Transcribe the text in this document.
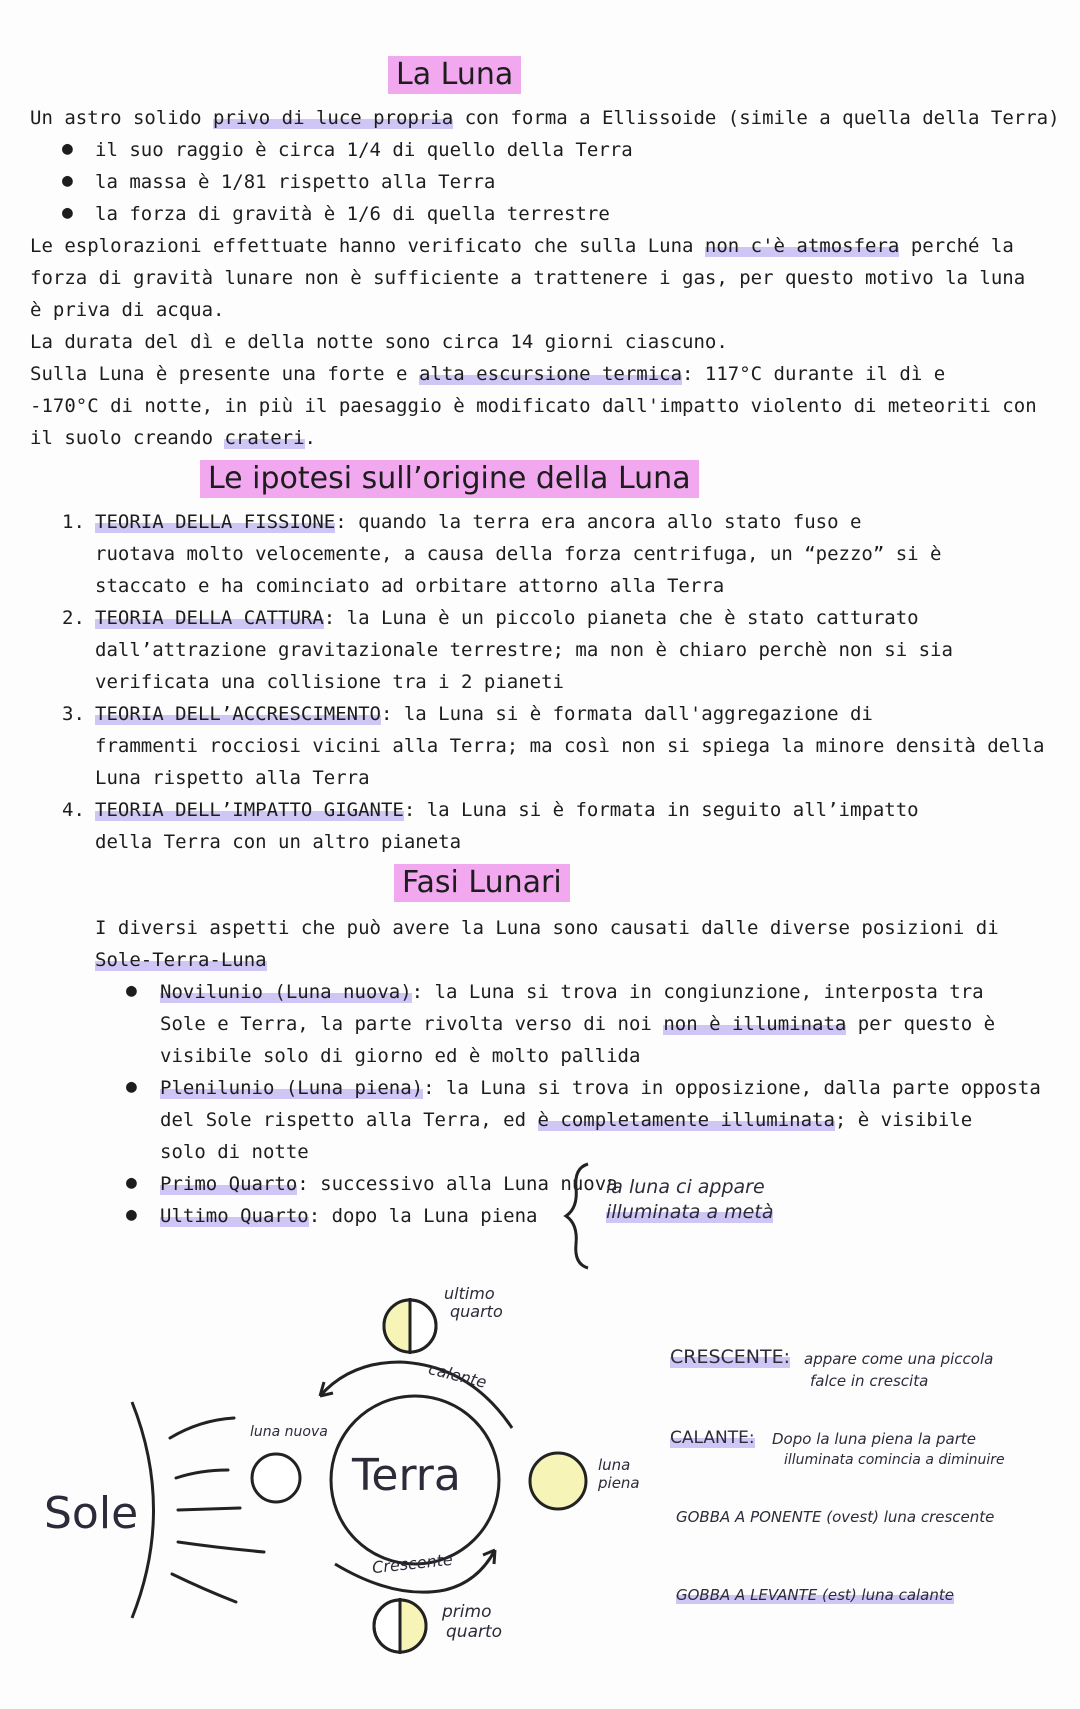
La Luna
Un astro solido privo di luce propria con forma a Ellissoide (simile a quella della Terra)
● il suo raggio è circa 1/4 di quello della Terra
● la massa è 1/81 rispetto alla Terra
● la forza di gravità è 1/6 di quella terrestre
Le esplorazioni effettuate hanno verificato che sulla Luna non c'è atmosfera perché la
forza di gravità lunare non è sufficiente a trattenere i gas, per questo motivo la luna
è priva di acqua.
La durata del dì e della notte sono circa 14 giorni ciascuno.
Sulla Luna è presente una forte e alta escursione termica: 117°C durante il dì e
-170°C di notte, in più il paesaggio è modificato dall'impatto violento di meteoriti con
il suolo creando crateri.
Le ipotesi sull’origine della Luna
1. TEORIA DELLA FISSIONE: quando la terra era ancora allo stato fuso e
ruotava molto velocemente, a causa della forza centrifuga, un “pezzo” si è
staccato e ha cominciato ad orbitare attorno alla Terra
2. TEORIA DELLA CATTURA: la Luna è un piccolo pianeta che è stato catturato
dall’attrazione gravitazionale terrestre; ma non è chiaro perchè non si sia
verificata una collisione tra i 2 pianeti
3. TEORIA DELL’ACCRESCIMENTO: la Luna si è formata dall'aggregazione di
frammenti rocciosi vicini alla Terra; ma così non si spiega la minore densità della
Luna rispetto alla Terra
4. TEORIA DELL’IMPATTO GIGANTE: la Luna si è formata in seguito all’impatto
della Terra con un altro pianeta
Fasi Lunari
I diversi aspetti che può avere la Luna sono causati dalle diverse posizioni di
Sole-Terra-Luna
● Novilunio (Luna nuova): la Luna si trova in congiunzione, interposta tra
Sole e Terra, la parte rivolta verso di noi non è illuminata per questo è
visibile solo di giorno ed è molto pallida
● Plenilunio (Luna piena): la Luna si trova in opposizione, dalla parte opposta
del Sole rispetto alla Terra, ed è completamente illuminata; è visibile
solo di notte
● Primo Quarto: successivo alla Luna nuova
● Ultimo Quarto: dopo la Luna piena
la luna ci appare
illuminata a metà
Sole
Terra
luna nuova
luna
piena
ultimo
quarto
primo
quarto
calente
Crescente
CRESCENTE: appare come una piccola
falce in crescita
CALANTE: Dopo la luna piena la parte
illuminata comincia a diminuire
GOBBA A PONENTE (ovest) luna crescente
GOBBA A LEVANTE (est) luna calante
